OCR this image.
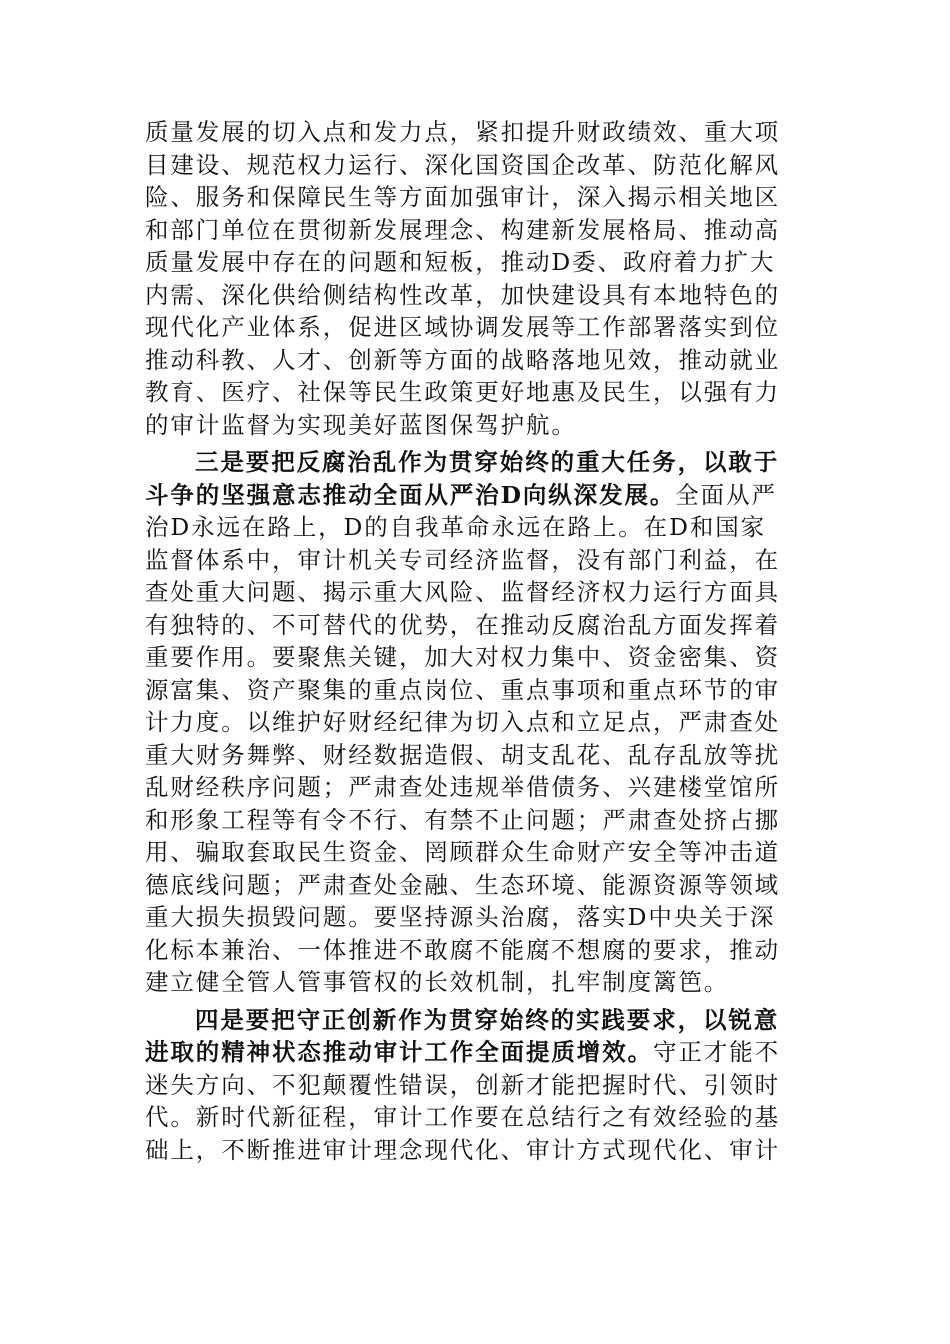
质量发展的切入点和发力点，紧扣提升财政绩效、重大项
目建设、规范权力运行、深化国资国企改革、防范化解风
险、服务和保障民生等方面加强审计，深入揭示相关地区
和部门单位在贯彻新发展理念、构建新发展格局、推动高
质量发展中存在的问题和短板，推动D委、政府着力扩大
内需、深化供给侧结构性改革，加快建设具有本地特色的
现代化产业体系，促进区域协调发展等工作部署落实到位
推动科教、人才、创新等方面的战略落地见效，推动就业
教育、医疗、社保等民生政策更好地惠及民生，以强有力
的审计监督为实现美好蓝图保驾护航。
三是要把反腐治乱作为贯穿始终的重大任务，以敢于
斗争的坚强意志推动全面从严治D向纵深发展。全面从严
治D永远在路上，D的自我革命永远在路上。在D和国家
监督体系中，审计机关专司经济监督，没有部门利益，在
查处重大问题、揭示重大风险、监督经济权力运行方面具
有独特的、不可替代的优势，在推动反腐治乱方面发挥着
重要作用。要聚焦关键，加大对权力集中、资金密集、资
源富集、资产聚集的重点岗位、重点事项和重点环节的审
计力度。以维护好财经纪律为切入点和立足点，严肃查处
重大财务舞弊、财经数据造假、胡支乱花、乱存乱放等扰
乱财经秩序问题；严肃查处违规举借债务、兴建楼堂馆所
和形象工程等有令不行、有禁不止问题；严肃查处挤占挪
用、骗取套取民生资金、罔顾群众生命财产安全等冲击道
德底线问题；严肃查处金融、生态环境、能源资源等领域
重大损失损毁问题。要坚持源头治腐，落实D中央关于深
化标本兼治、一体推进不敢腐不能腐不想腐的要求，推动
建立健全管人管事管权的长效机制，扎牢制度篱笆。
四是要把守正创新作为贯穿始终的实践要求，以锐意
进取的精神状态推动审计工作全面提质增效。守正才能不
迷失方向、不犯颠覆性错误，创新才能把握时代、引领时
代。新时代新征程，审计工作要在总结行之有效经验的基
础上，不断推进审计理念现代化、审计方式现代化、审计
